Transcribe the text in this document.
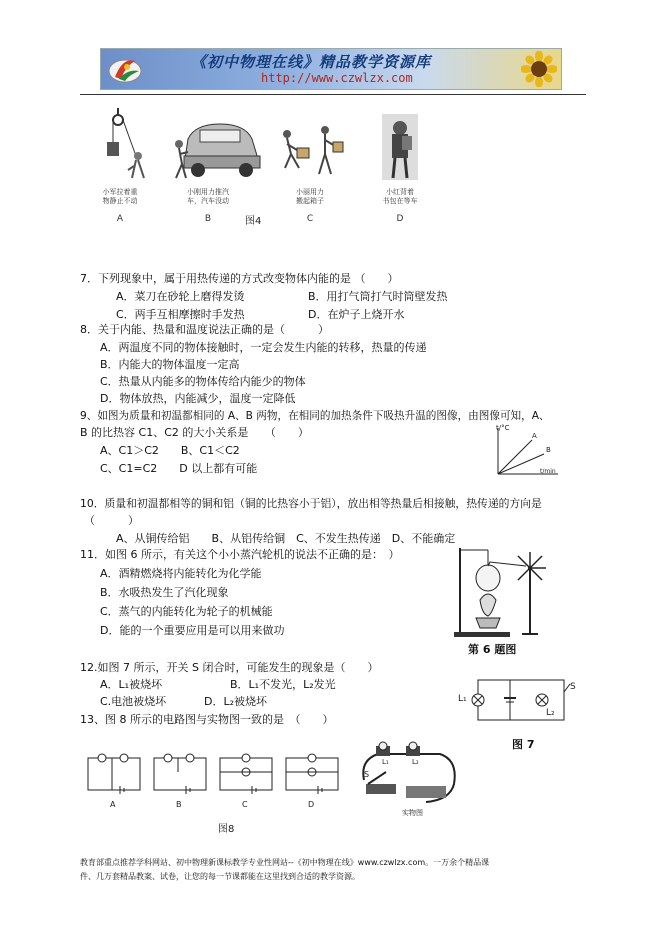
《初中物理在线》精品教学资源库
http://www.czwlzx.com
小军拉着重
物静止不动
A
小刚用力推汽
车，汽车没动
B
小丽用力
搬起箱子
C
小红背着
书包在等车
D
图4
7．下列现象中，属于用热传递的方式改变物体内能的是 （　　）
A．菜刀在砂轮上磨得发烫	B．用打气筒打气时筒壁发热
C．两手互相摩擦时手发热	D．在炉子上烧开水
8．关于内能、热量和温度说法正确的是（　　　）
A．两温度不同的物体接触时，一定会发生内能的转移，热量的传递
B．内能大的物体温度一定高
C．热量从内能多的物体传给内能少的物体
D．物体放热，内能减少，温度一定降低
9、如图为质量和初温都相同的 A、B 两物，在相同的加热条件下吸热升温的图像，由图像可知，A、
B 的比热容 C1、C2 的大小关系是　　（　　）
A、C1＞C2　　B、C1＜C2
C、C1=C2　　D 以上都有可能
t/°C
t/min
A
B
10．质量和初温都相等的铜和铝（铜的比热容小于铝），放出相等热量后相接触，热传递的方向是
（　　　）
A、从铜传给铝　　B、从铝传给铜　C、不发生热传递　D、不能确定
11．如图 6 所示，有关这个小小蒸汽轮机的说法不正确的是：　）
A．酒精燃烧将内能转化为化学能
B．水吸热发生了汽化现象
C．蒸气的内能转化为轮子的机械能
D．能的一个重要应用是可以用来做功
第 6 题图
12.如图 7 所示，开关 S 闭合时，可能发生的现象是（　　）
A．L₁被烧坏	B．L₁不发光，L₂发光
C.电池被烧坏	D．L₂被烧坏	L₁
L₂
S
图 7
13、图 8 所示的电路图与实物图一致的是　（　　）
A	B	C	D
图8
L₁	L₂
S
实物图
教育部重点推荐学科网站、初中物理新课标教学专业性网站--《初中物理在线》www.czwlzx.com。一万余个精品课
件、几万套精品教案、试卷，让您的每一节课都能在这里找到合适的教学资源。
